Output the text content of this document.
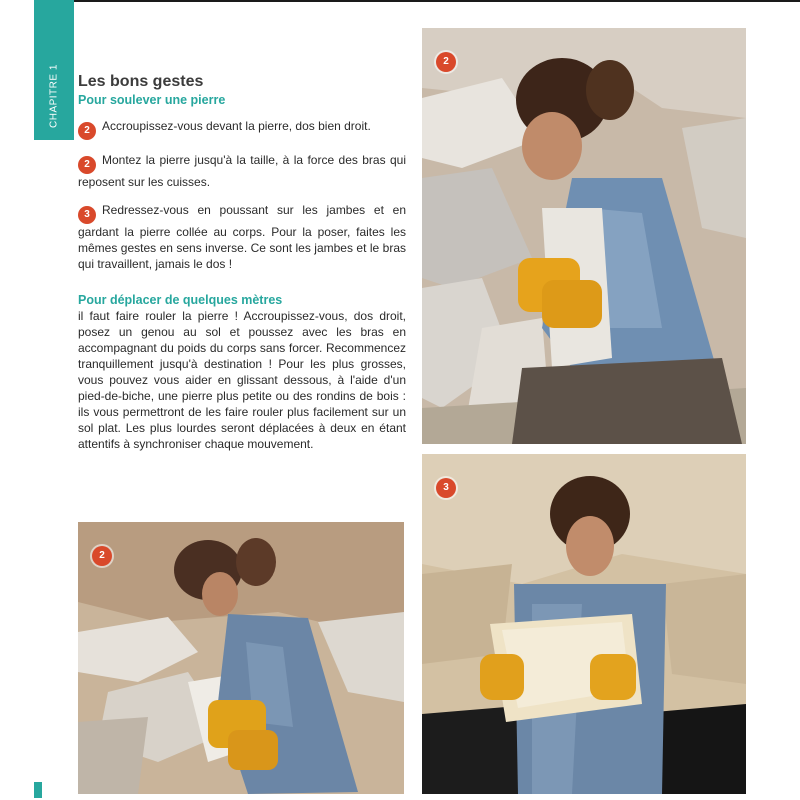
CHAPITRE 1	Les bons gestes
Pour soulever une pierre

2 Accroupissez-vous devant la pierre, dos bien droit.

2 Montez la pierre jusqu'à la taille, à la force des bras qui reposent sur les cuisses.

3 Redressez-vous en poussant sur les jambes et en gardant la pierre collée au corps. Pour la poser, faites les mêmes gestes en sens inverse. Ce sont les jambes et le bras qui travaillent, jamais le dos !

Pour déplacer de quelques mètres

il faut faire rouler la pierre ! Accroupissez-vous, dos droit, posez un genou au sol et poussez avec les bras en accompagnant du poids du corps sans forcer. Recommencez tranquillement jusqu'à destination ! Pour les plus grosses, vous pouvez vous aider en glissant dessous, à l'aide d'un pied-de-biche, une pierre plus petite ou des rondins de bois : ils vous permettront de les faire rouler plus facilement sur un sol plat. Les plus lourdes seront déplacées à deux en étant attentifs à synchroniser chaque mouvement.

2
2
3
